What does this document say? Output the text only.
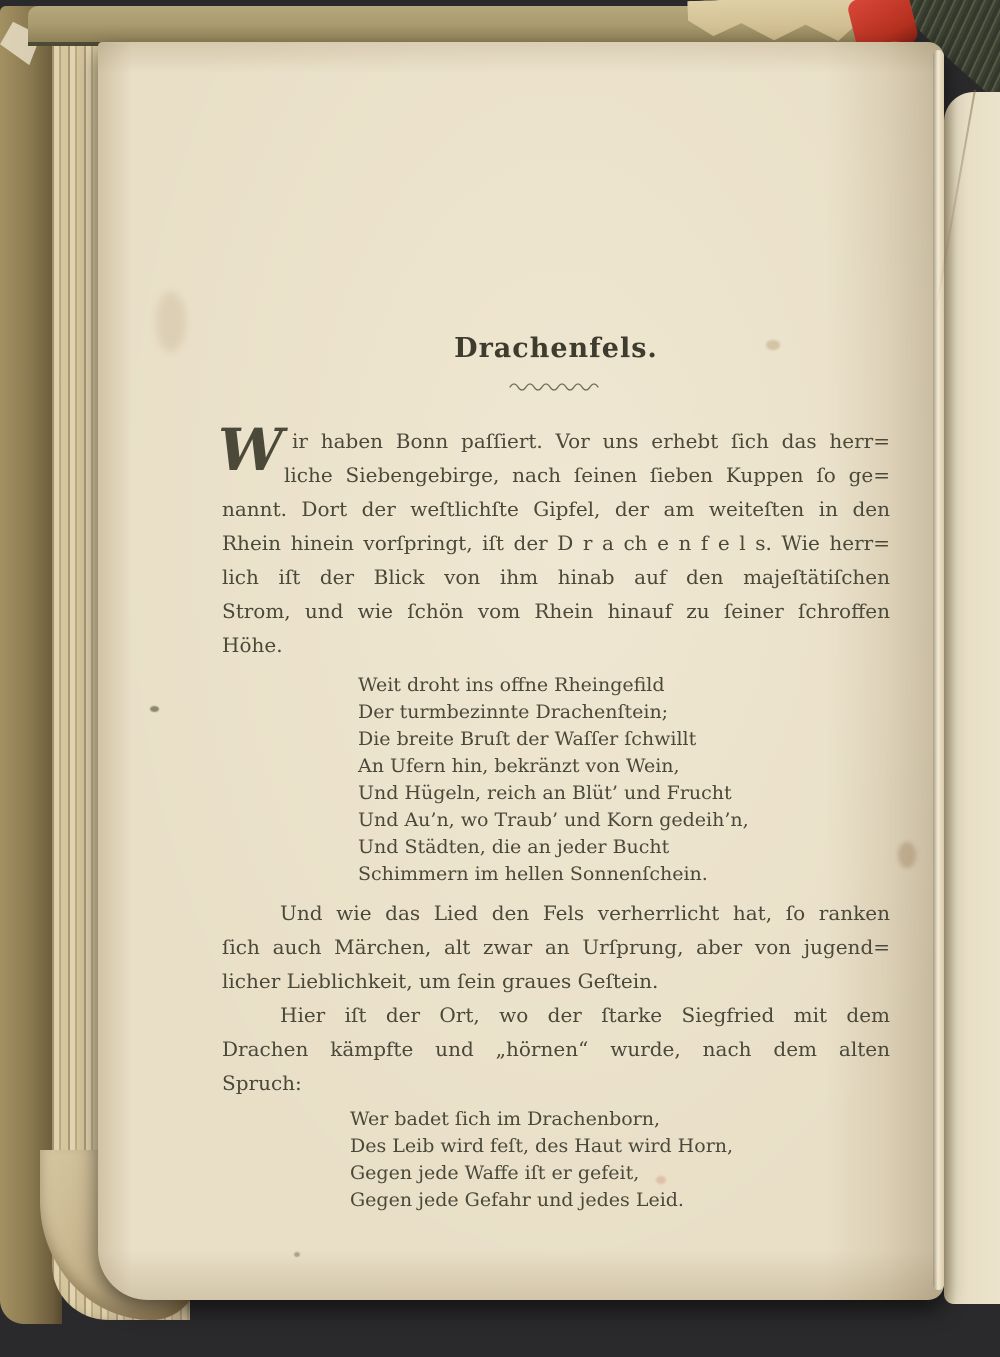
Drachenfels.
W ir haben Bonn paſſiert. Vor uns erhebt ſich das herr=
liche Siebengebirge, nach ſeinen ſieben Kuppen ſo ge=
nannt. Dort der weſtlichſte Gipfel, der am weiteſten in den
Rhein hinein vorſpringt, iſt der D r a ch e n f e l s. Wie herr=
lich iſt der Blick von ihm hinab auf den majeſtätiſchen
Strom, und wie ſchön vom Rhein hinauf zu ſeiner ſchroffen
Höhe.
Weit droht ins offne Rheingefild
Der turmbezinnte Drachenſtein;
Die breite Bruſt der Waſſer ſchwillt
An Ufern hin, bekränzt von Wein,
Und Hügeln, reich an Blüt’ und Frucht
Und Au’n, wo Traub’ und Korn gedeih’n,
Und Städten, die an jeder Bucht
Schimmern im hellen Sonnenſchein.
Und wie das Lied den Fels verherrlicht hat, ſo ranken
ſich auch Märchen, alt zwar an Urſprung, aber von jugend=
licher Lieblichkeit, um ſein graues Geſtein.
Hier iſt der Ort, wo der ſtarke Siegfried mit dem
Drachen kämpfte und „hörnen“ wurde, nach dem alten
Spruch:
Wer badet ſich im Drachenborn,
Des Leib wird feſt, des Haut wird Horn,
Gegen jede Waffe iſt er gefeit,
Gegen jede Gefahr und jedes Leid.
